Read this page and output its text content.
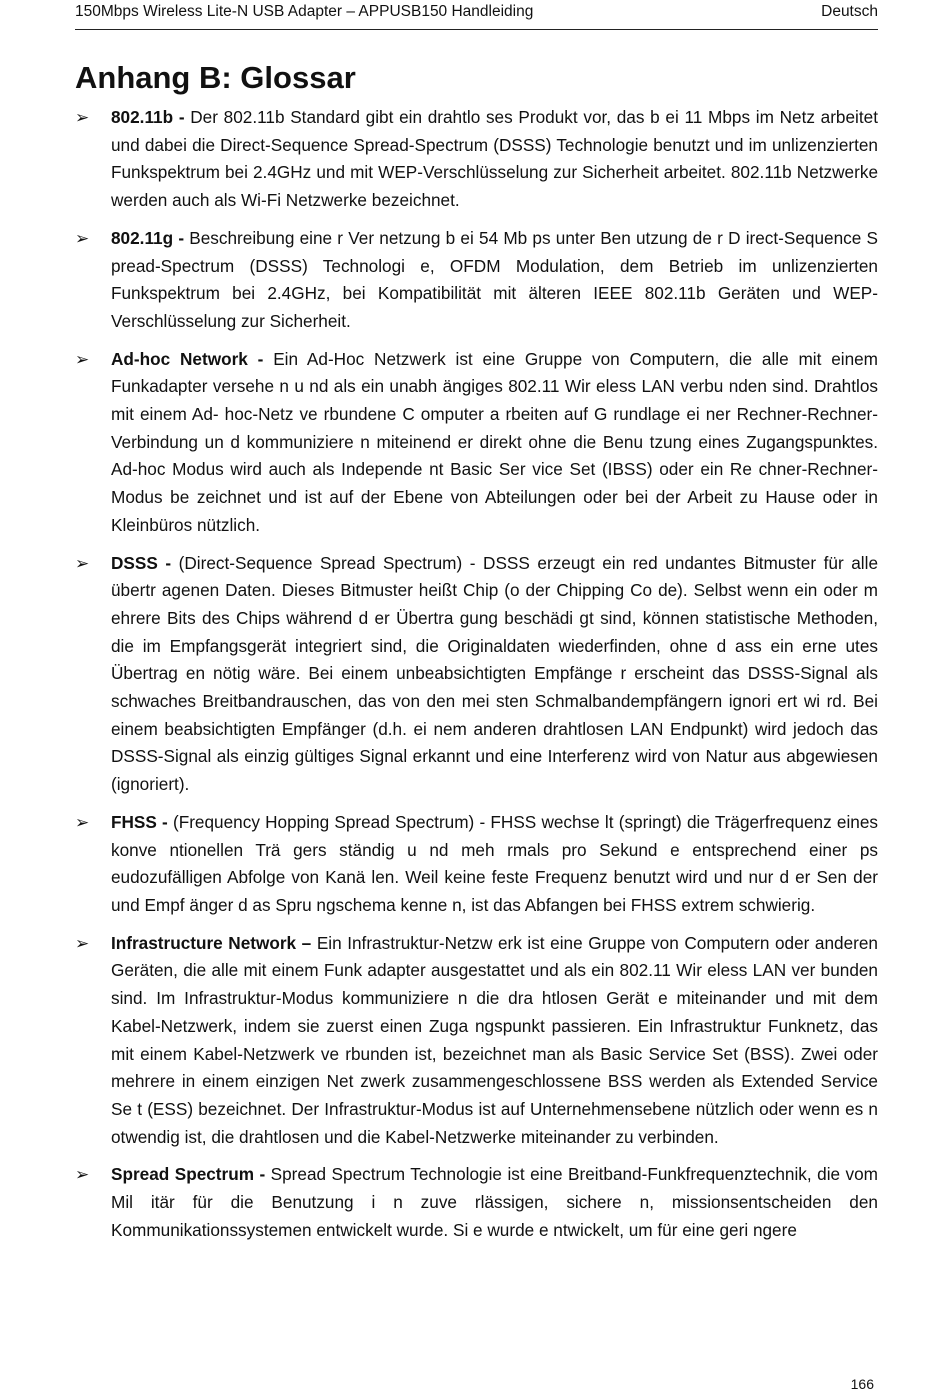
150Mbps Wireless Lite-N USB Adapter – APPUSB150 Handleiding	Deutsch
Anhang B: Glossar
➢ 802.11b - Der 802.11b Standard gibt ein drahtlo ses Produkt vor, das b ei 11 Mbps im Netz arbeitet und dabei die Direct-Sequence Spread-Spectrum (DSSS) Technologie benutzt und im unlizenzierten Funkspektrum bei 2.4GHz und mit WEP-Verschlüsselung zur Sicherheit arbeitet. 802.11b Netzwerke werden auch als Wi-Fi Netzwerke bezeichnet.
➢ 802.11g - Beschreibung eine r Ver netzung b ei 54 Mb ps unter Ben utzung de r D irect-Sequence S pread-Spectrum (DSSS) Technologi e, OFDM Modulation, dem Betrieb im unlizenzierten Funkspektrum bei 2.4GHz, bei Kompatibilität mit älteren IEEE 802.11b Geräten und WEP-Verschlüsselung zur Sicherheit.
➢ Ad-hoc Network - Ein Ad-Hoc Netzwerk ist eine Gruppe von Computern, die alle mit einem Funkadapter versehe n u nd als ein unabh ängiges 802.11 Wir eless LAN verbu nden sind. Drahtlos mit einem Ad- hoc-Netz ve rbundene C omputer a rbeiten auf G rundlage ei ner Rechner-Rechner-Verbindung un d kommuniziere n miteinend er direkt ohne die Benu tzung eines Zugangspunktes. Ad-hoc Modus wird auch als Independe nt Basic Ser vice Set (IBSS) oder ein Re chner-Rechner-Modus be zeichnet und ist auf der Ebene von Abteilungen oder bei der Arbeit zu Hause oder in Kleinbüros nützlich.
➢ DSSS - (Direct-Sequence Spread Spectrum) - DSSS erzeugt ein red undantes Bitmuster für alle übertr agenen Daten. Dieses Bitmuster heißt Chip (o der Chipping Co de). Selbst wenn ein oder m ehrere Bits des Chips während d er Übertra gung beschädi gt sind, können statistische Methoden, die im Empfangsgerät integriert sind, die Originaldaten wiederfinden, ohne d ass ein erne utes Übertrag en nötig wäre. Bei einem unbeabsichtigten Empfänge r erscheint das DSSS-Signal als schwaches Breitbandrauschen, das von den mei sten Schmalbandempfängern ignori ert wi rd. Bei einem beabsichtigten Empfänger (d.h. ei nem anderen drahtlosen LAN Endpunkt) wird jedoch das DSSS-Signal als einzig gültiges Signal erkannt und eine Interferenz wird von Natur aus abgewiesen (ignoriert).
➢ FHSS - (Frequency Hopping Spread Spectrum) - FHSS wechse lt (springt) die Trägerfrequenz eines konve ntionellen Trä gers ständig u nd meh rmals pro Sekund e entsprechend einer ps eudozufälligen Abfolge von Kanä len. Weil keine feste Frequenz benutzt wird und nur d er Sen der und Empf änger d as Spru ngschema kenne n, ist das Abfangen bei FHSS extrem schwierig.
➢ Infrastructure Network – Ein Infrastruktur-Netzw erk ist eine Gruppe von Computern oder anderen Geräten, die alle mit einem Funk adapter ausgestattet und als ein 802.11 Wir eless LAN ver bunden sind. Im Infrastruktur-Modus kommuniziere n die dra htlosen Gerät e miteinander und mit dem Kabel-Netzwerk, indem sie zuerst einen Zuga ngspunkt passieren. Ein Infrastruktur Funknetz, das mit einem Kabel-Netzwerk ve rbunden ist, bezeichnet man als Basic Service Set (BSS). Zwei oder mehrere in einem einzigen Net zwerk zusammengeschlossene BSS werden als Extended Service Se t (ESS) bezeichnet. Der Infrastruktur-Modus ist auf Unternehmensebene nützlich oder wenn es n otwendig ist, die drahtlosen und die Kabel-Netzwerke miteinander zu verbinden.
➢ Spread Spectrum - Spread Spectrum Technologie ist eine Breitband-Funkfrequenztechnik, die vom Mil itär für die Benutzung i n zuve rlässigen, sichere n, missionsentscheiden den Kommunikationssystemen entwickelt wurde. Si e wurde e ntwickelt, um für eine geri ngere
166
